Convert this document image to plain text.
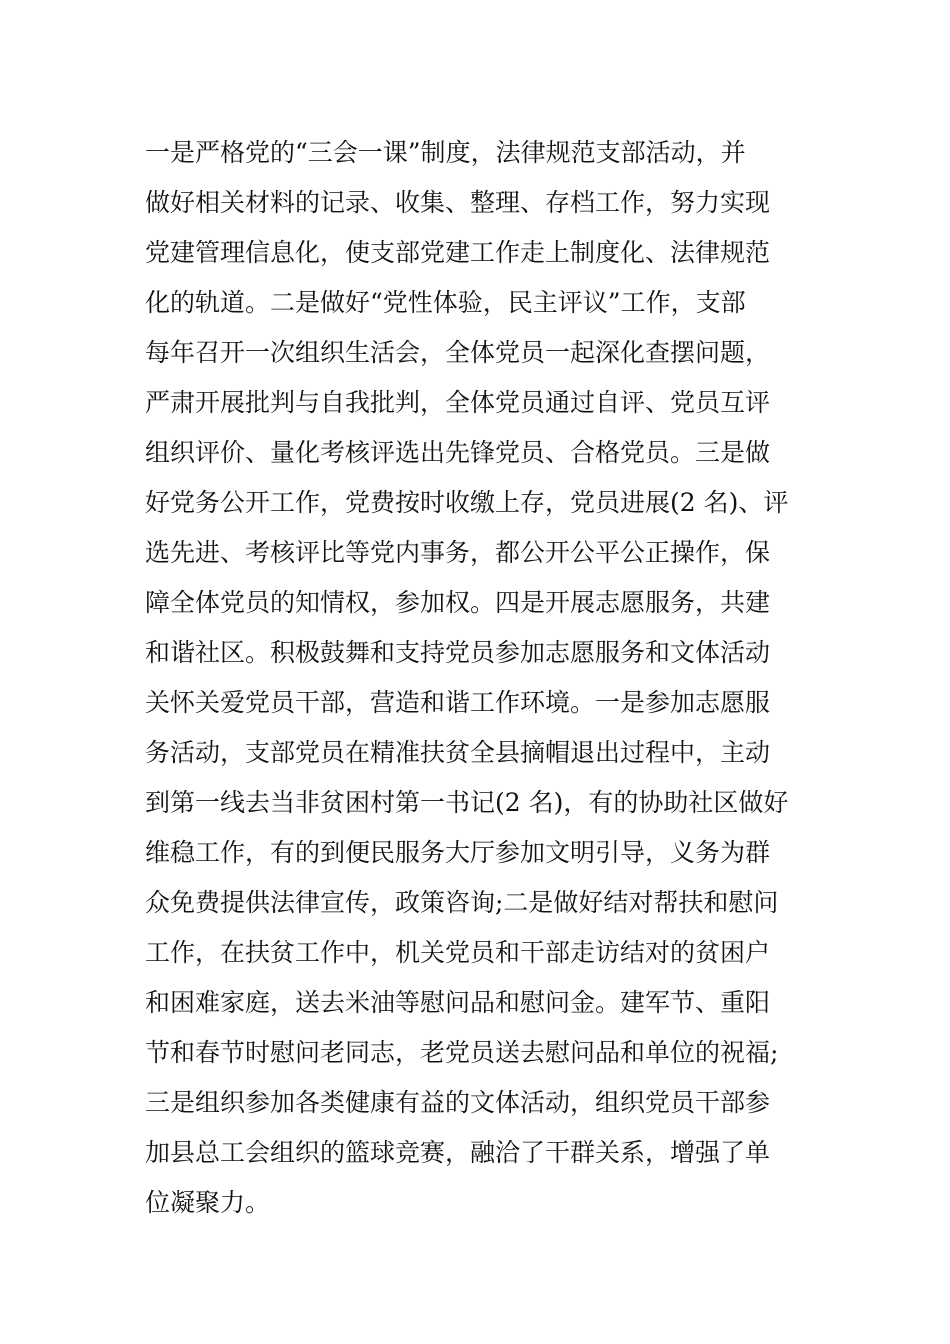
一是严格党的“三会一课”制度，法律规范支部活动，并
做好相关材料的记录、收集、整理、存档工作，努力实现
党建管理信息化，使支部党建工作走上制度化、法律规范
化的轨道。二是做好“党性体验，民主评议”工作，支部
每年召开一次组织生活会，全体党员一起深化查摆问题，
严肃开展批判与自我批判，全体党员通过自评、党员互评
组织评价、量化考核评选出先锋党员、合格党员。三是做
好党务公开工作，党费按时收缴上存，党员进展(2 名)、评
选先进、考核评比等党内事务，都公开公平公正操作，保
障全体党员的知情权，参加权。四是开展志愿服务，共建
和谐社区。积极鼓舞和支持党员参加志愿服务和文体活动
关怀关爱党员干部，营造和谐工作环境。一是参加志愿服
务活动，支部党员在精准扶贫全县摘帽退出过程中，主动
到第一线去当非贫困村第一书记(2 名)，有的协助社区做好
维稳工作，有的到便民服务大厅参加文明引导，义务为群
众免费提供法律宣传，政策咨询;二是做好结对帮扶和慰问
工作，在扶贫工作中，机关党员和干部走访结对的贫困户
和困难家庭，送去米油等慰问品和慰问金。建军节、重阳
节和春节时慰问老同志，老党员送去慰问品和单位的祝福;
三是组织参加各类健康有益的文体活动，组织党员干部参
加县总工会组织的篮球竞赛，融洽了干群关系，增强了单
位凝聚力。
